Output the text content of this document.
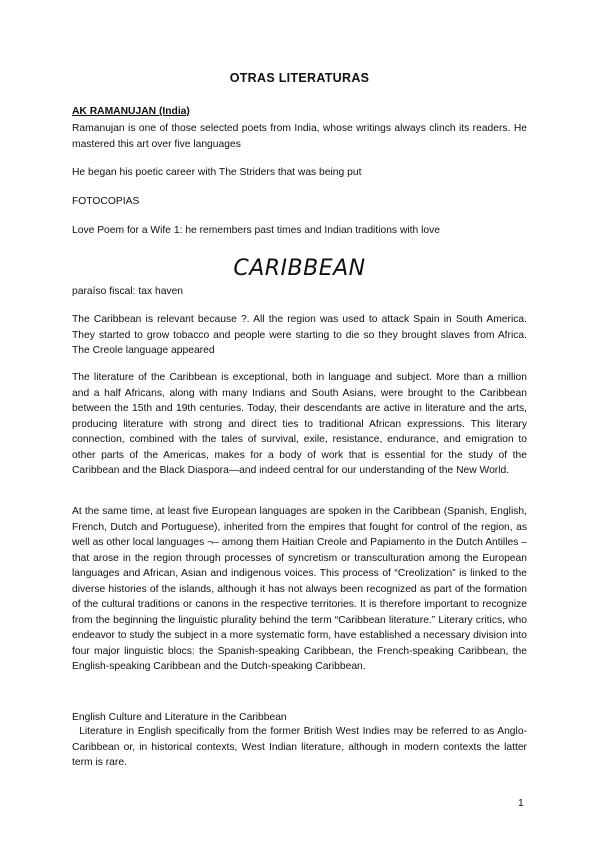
OTRAS LITERATURAS
AK RAMANUJAN (India)

Ramanujan is one of those selected poets from India, whose writings always clinch its readers. He mastered this art over five languages

He began his poetic career with The Striders that was being put

FOTOCOPIAS

Love Poem for a Wife 1: he remembers past times and Indian traditions with love

CARIBBEAN

paraíso fiscal: tax haven

The Caribbean is relevant because ?. All the region was used to attack Spain in South America. They started to grow tobacco and people were starting to die so they brought slaves from Africa. The Creole language appeared

The literature of the Caribbean is exceptional, both in language and subject. More than a million and a half Africans, along with many Indians and South Asians, were brought to the Caribbean between the 15th and 19th centuries. Today, their descendants are active in literature and the arts, producing literature with strong and direct ties to traditional African expressions. This literary connection, combined with the tales of survival, exile, resistance, endurance, and emigration to other parts of the Americas, makes for a body of work that is essential for the study of the Caribbean and the Black Diaspora—and indeed central for our understanding of the New World.

At the same time, at least five European languages are spoken in the Caribbean (Spanish, English, French, Dutch and Portuguese), inherited from the empires that fought for control of the region, as well as other local languages ¬– among them Haitian Creole and Papiamento in the Dutch Antilles – that arose in the region through processes of syncretism or transculturation among the European languages and African, Asian and indigenous voices. This process of “Creolization” is linked to the diverse histories of the islands, although it has not always been recognized as part of the formation of the cultural traditions or canons in the respective territories. It is therefore important to recognize from the beginning the linguistic plurality behind the term “Caribbean literature.” Literary critics, who endeavor to study the subject in a more systematic form, have established a necessary division into four major linguistic blocs: the Spanish-speaking Caribbean, the French-speaking Caribbean, the English-speaking Caribbean and the Dutch-speaking Caribbean.

English Culture and Literature in the Caribbean

Literature in English specifically from the former British West Indies may be referred to as Anglo-Caribbean or, in historical contexts, West Indian literature, although in modern contexts the latter term is rare.

1
